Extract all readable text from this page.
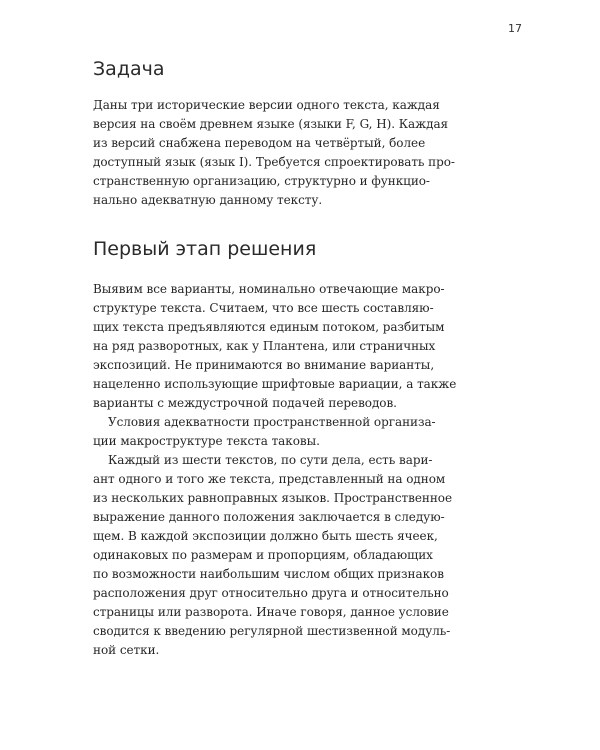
17
Задача
Даны три исторические версии одного текста, каждая
версия на своём древнем языке (языки F, G, H). Каждая
из версий снабжена переводом на четвёртый, более
доступный язык (язык I). Требуется спроектировать про-
странственную организацию, структурно и функцио-
нально адекватную данному тексту.
Первый этап решения
Выявим все варианты, номинально отвечающие макро-
структуре текста. Считаем, что все шесть составляю-
щих текста предъявляются единым потоком, разбитым
на ряд разворотных, как у Плантена, или страничных
экспозиций. Не принимаются во внимание варианты,
нацеленно использующие шрифтовые вариации, а также
варианты с междустрочной подачей переводов.
Условия адекватности пространственной организа-
ции макроструктуре текста таковы.
Каждый из шести текстов, по сути дела, есть вари-
ант одного и того же текста, представленный на одном
из нескольких равноправных языков. Пространственное
выражение данного положения заключается в следую-
щем. В каждой экспозиции должно быть шесть ячеек,
одинаковых по размерам и пропорциям, обладающих
по возможности наибольшим числом общих признаков
расположения друг относительно друга и относительно
страницы или разворота. Иначе говоря, данное условие
сводится к введению регулярной шестизвенной модуль-
ной сетки.
